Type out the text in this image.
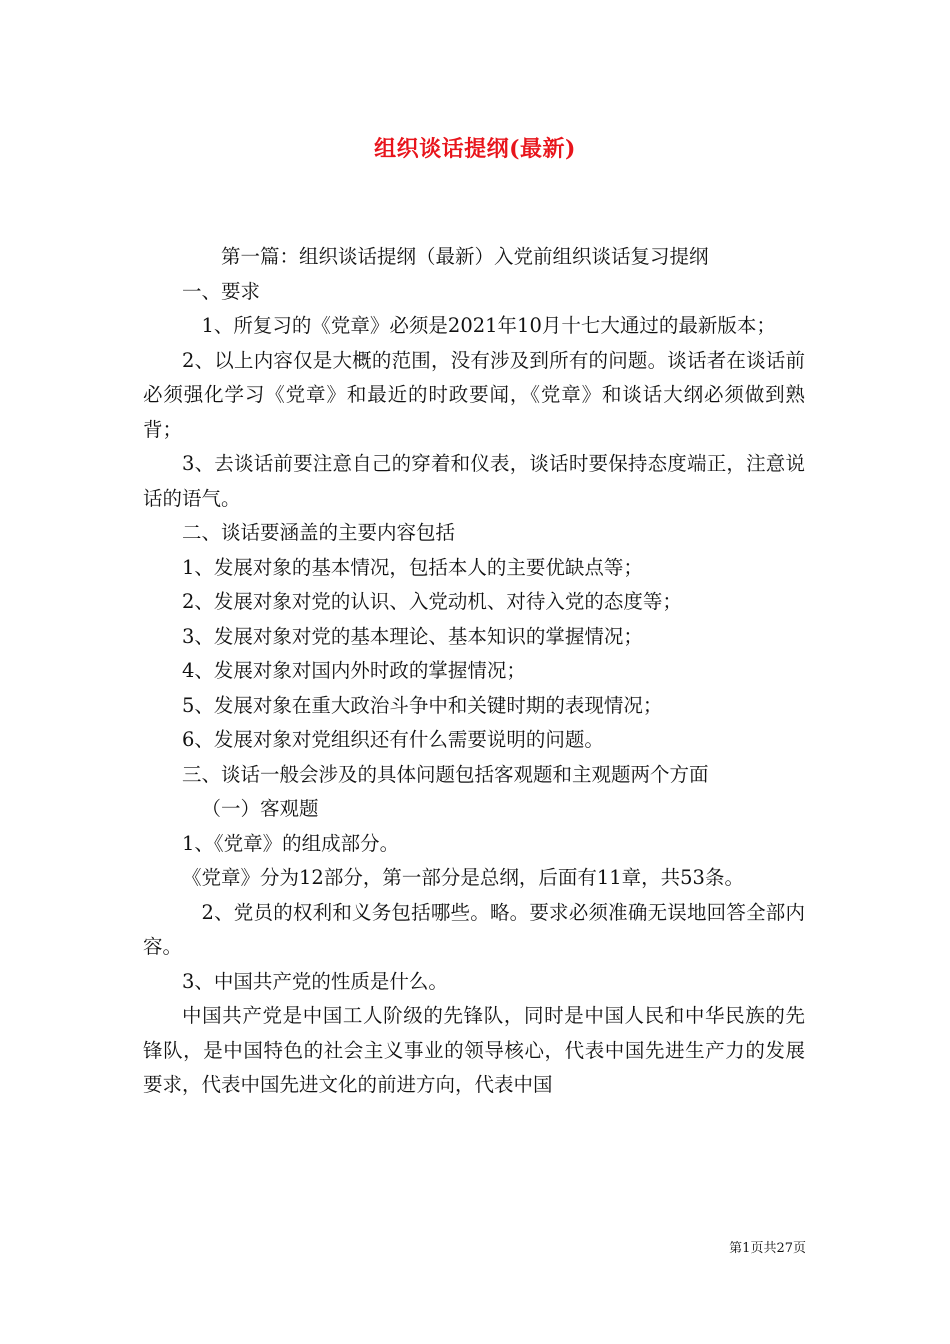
组织谈话提纲(最新)

第一篇：组织谈话提纲（最新）入党前组织谈话复习提纲

一、要求

1、所复习的《党章》必须是2021年10月十七大通过的最新版本；

2、以上内容仅是大概的范围，没有涉及到所有的问题。谈话者在谈话前必须强化学习《党章》和最近的时政要闻，《党章》和谈话大纲必须做到熟背；

3、去谈话前要注意自己的穿着和仪表，谈话时要保持态度端正，注意说话的语气。

二、谈话要涵盖的主要内容包括

1、发展对象的基本情况，包括本人的主要优缺点等；

2、发展对象对党的认识、入党动机、对待入党的态度等；

3、发展对象对党的基本理论、基本知识的掌握情况；

4、发展对象对国内外时政的掌握情况；

5、发展对象在重大政治斗争中和关键时期的表现情况；

6、发展对象对党组织还有什么需要说明的问题。

三、谈话一般会涉及的具体问题包括客观题和主观题两个方面

（一）客观题

1、《党章》的组成部分。

《党章》分为12部分，第一部分是总纲，后面有11章，共53条。

2、党员的权利和义务包括哪些。略。要求必须准确无误地回答全部内容。

3、中国共产党的性质是什么。

中国共产党是中国工人阶级的先锋队，同时是中国人民和中华民族的先锋队，是中国特色的社会主义事业的领导核心，代表中国先进生产力的发展要求，代表中国先进文化的前进方向，代表中国

第1页共27页
